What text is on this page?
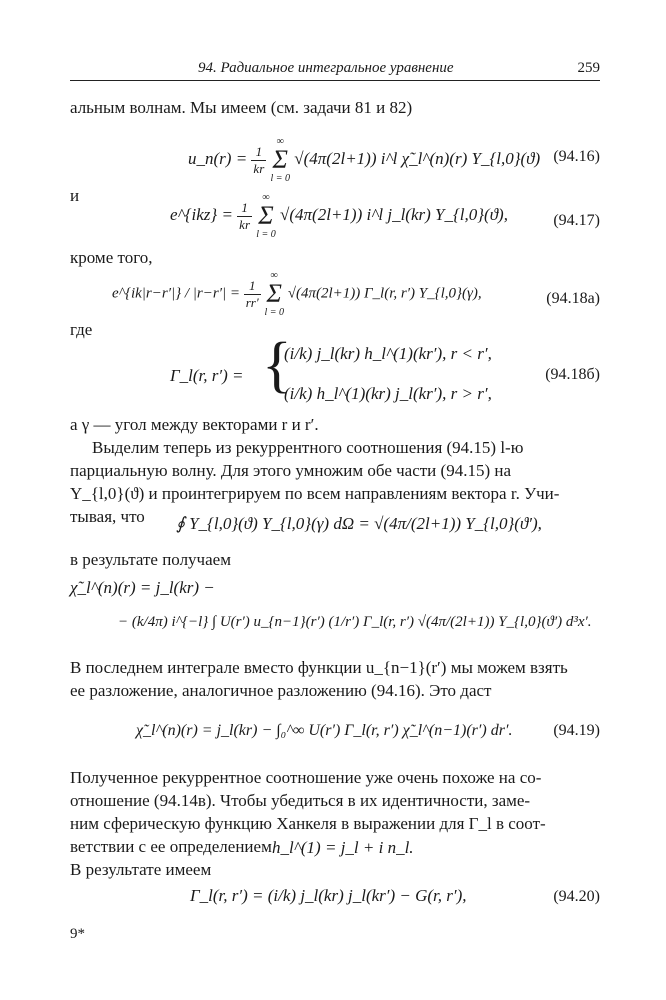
94. Радиальное интегральное уравнение	259
альным волнам. Мы имеем (см. задачи 81 и 82)
u_n(r) = $\frac{1}{kr}$
∞
Σ
l = 0 √(4π(2l+1)) i^l χ̃_l^(n)(r) Y_{l,0}(ϑ) (94.16)
и
e^{ikz} = $\frac{1}{kr}$
∞
Σ
l = 0 √(4π(2l+1)) i^l j_l(kr) Y_{l,0}(ϑ),	(94.17)
кроме того,
e^{ik|r−r′|} / $|r-r'| = \frac{1}{rr'}$
∞
Σ
l = 0 √(4π(2l+1)) Γ_l(r, r′) Y_{l,0}(γ),	(94.18а)
где
Γ_l(r, r′) = {
(i/k) j_l(kr) h_l^(1)(kr′), r < r′,
(i/k) h_l^(1)(kr) j_l(kr′), r > r′,
(94.18б)
а γ — угол между векторами r и r′.
Выделим теперь из рекуррентного соотношения (94.15) l-ю
парциальную волну. Для этого умножим обе части (94.15) на
Y_{l,0}(ϑ) и проинтегрируем по всем направлениям вектора r. Учи-
тывая, что ∮ Y_{l,0}(ϑ) Y_{l,0}(γ) dΩ = √(4π/(2l+1)) Y_{l,0}(ϑ′),
в результате получаем
χ̃_l^(n)(r) = j_l(kr) −
− (k/4π) i^{−l} ∫ U(r′) u_{n−1}(r′) (1/r′) Γ_l(r, r′) √(4π/(2l+1)) Y_{l,0}(ϑ′) d³x′.
В последнем интеграле вместо функции u_{n−1}(r′) мы можем взять
ее разложение, аналогичное разложению (94.16). Это даст
χ̃_l^(n)(r) = j_l(kr) − ∫₀^∞ U(r′) Γ_l(r, r′) χ̃_l^(n−1)(r′) dr′.	(94.19)
Полученное рекуррентное соотношение уже очень похоже на со-
отношение (94.14в). Чтобы убедиться в их идентичности, заме-
ним сферическую функцию Ханкеля в выражении для Γ_l в соот-
ветствии с ее определением h_l^(1) = j_l + i n_l.
В результате имеем
Γ_l(r, r′) = (i/k) j_l(kr) j_l(kr′) − G(r, r′),	(94.20)
9*
